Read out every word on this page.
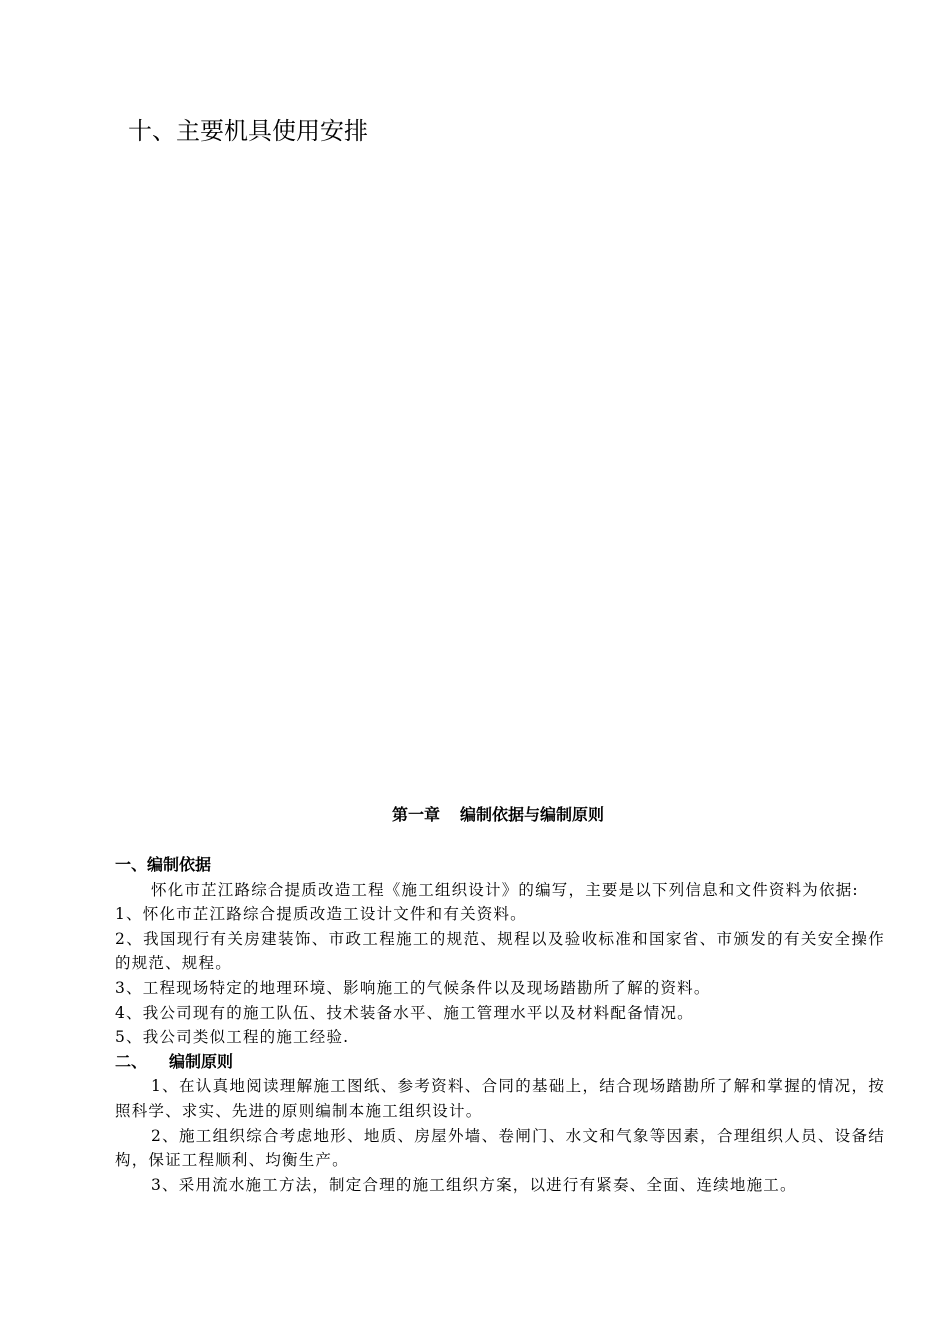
十、主要机具使用安排
第一章 编制依据与编制原则
一、编制依据

怀化市芷江路综合提质改造工程《施工组织设计》的编写，主要是以下列信息和文件资料为依据:

1、怀化市芷江路综合提质改造工设计文件和有关资料。

2、我国现行有关房建装饰、市政工程施工的规范、规程以及验收标准和国家省、市颁发的有关安全操作的规范、规程。

3、工程现场特定的地理环境、影响施工的气候条件以及现场踏勘所了解的资料。

4、我公司现有的施工队伍、技术装备水平、施工管理水平以及材料配备情况。

5、我公司类似工程的施工经验.

二、 编制原则

1、在认真地阅读理解施工图纸、参考资料、合同的基础上，结合现场踏勘所了解和掌握的情况，按照科学、求实、先进的原则编制本施工组织设计。

2、施工组织综合考虑地形、地质、房屋外墙、卷闸门、水文和气象等因素，合理组织人员、设备结构，保证工程顺利、均衡生产。

3、采用流水施工方法，制定合理的施工组织方案，以进行有紧奏、全面、连续地施工。
